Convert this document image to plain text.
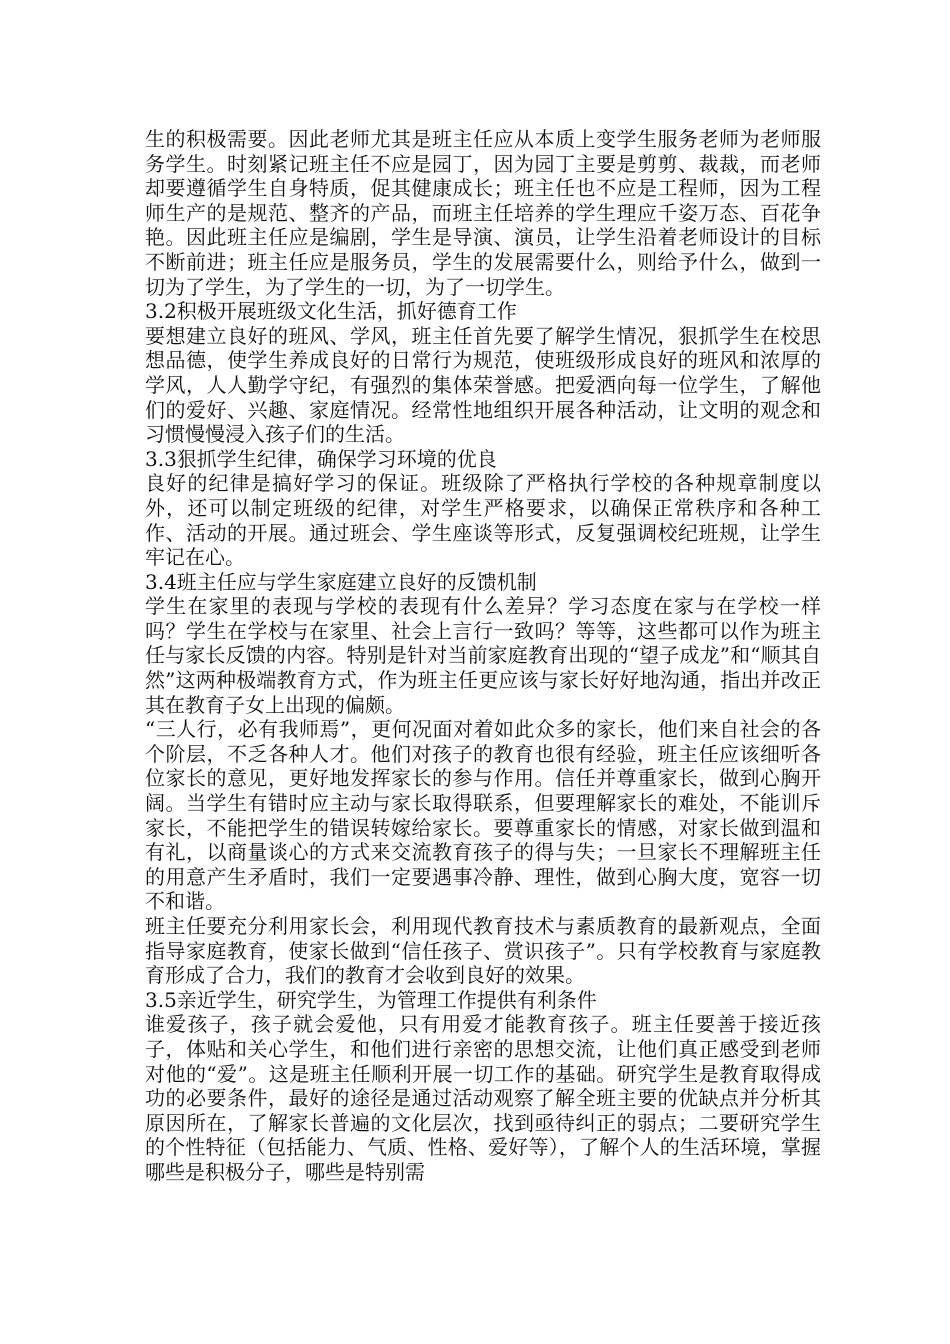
生的积极需要。因此老师尤其是班主任应从本质上变学生服务老师为老师服务学生。时刻紧记班主任不应是园丁，因为园丁主要是剪剪、裁裁，而老师却要遵循学生自身特质，促其健康成长；班主任也不应是工程师，因为工程师生产的是规范、整齐的产品，而班主任培养的学生理应千姿万态、百花争艳。因此班主任应是编剧，学生是导演、演员，让学生沿着老师设计的目标不断前进；班主任应是服务员，学生的发展需要什么，则给予什么，做到一切为了学生，为了学生的一切，为了一切学生。

3.2积极开展班级文化生活，抓好德育工作

要想建立良好的班风、学风，班主任首先要了解学生情况，狠抓学生在校思想品德，使学生养成良好的日常行为规范，使班级形成良好的班风和浓厚的学风，人人勤学守纪，有强烈的集体荣誉感。把爱洒向每一位学生，了解他们的爱好、兴趣、家庭情况。经常性地组织开展各种活动，让文明的观念和习惯慢慢浸入孩子们的生活。

3.3狠抓学生纪律，确保学习环境的优良

良好的纪律是搞好学习的保证。班级除了严格执行学校的各种规章制度以外，还可以制定班级的纪律，对学生严格要求，以确保正常秩序和各种工作、活动的开展。通过班会、学生座谈等形式，反复强调校纪班规，让学生牢记在心。

3.4班主任应与学生家庭建立良好的反馈机制

学生在家里的表现与学校的表现有什么差异？学习态度在家与在学校一样吗？学生在学校与在家里、社会上言行一致吗？等等，这些都可以作为班主任与家长反馈的内容。特别是针对当前家庭教育出现的“望子成龙”和“顺其自然”这两种极端教育方式，作为班主任更应该与家长好好地沟通，指出并改正其在教育子女上出现的偏颇。

“三人行，必有我师焉”，更何况面对着如此众多的家长，他们来自社会的各个阶层，不乏各种人才。他们对孩子的教育也很有经验，班主任应该细听各位家长的意见，更好地发挥家长的参与作用。信任并尊重家长，做到心胸开阔。当学生有错时应主动与家长取得联系，但要理解家长的难处，不能训斥家长，不能把学生的错误转嫁给家长。要尊重家长的情感，对家长做到温和有礼，以商量谈心的方式来交流教育孩子的得与失；一旦家长不理解班主任的用意产生矛盾时，我们一定要遇事冷静、理性，做到心胸大度，宽容一切不和谐。

班主任要充分利用家长会，利用现代教育技术与素质教育的最新观点，全面指导家庭教育，使家长做到“信任孩子、赏识孩子”。只有学校教育与家庭教育形成了合力，我们的教育才会收到良好的效果。

3.5亲近学生，研究学生，为管理工作提供有利条件

谁爱孩子，孩子就会爱他，只有用爱才能教育孩子。班主任要善于接近孩子，体贴和关心学生，和他们进行亲密的思想交流，让他们真正感受到老师对他的“爱”。这是班主任顺利开展一切工作的基础。研究学生是教育取得成功的必要条件，最好的途径是通过活动观察了解全班主要的优缺点并分析其原因所在，了解家长普遍的文化层次，找到亟待纠正的弱点；二要研究学生的个性特征（包括能力、气质、性格、爱好等），了解个人的生活环境，掌握哪些是积极分子，哪些是特别需
